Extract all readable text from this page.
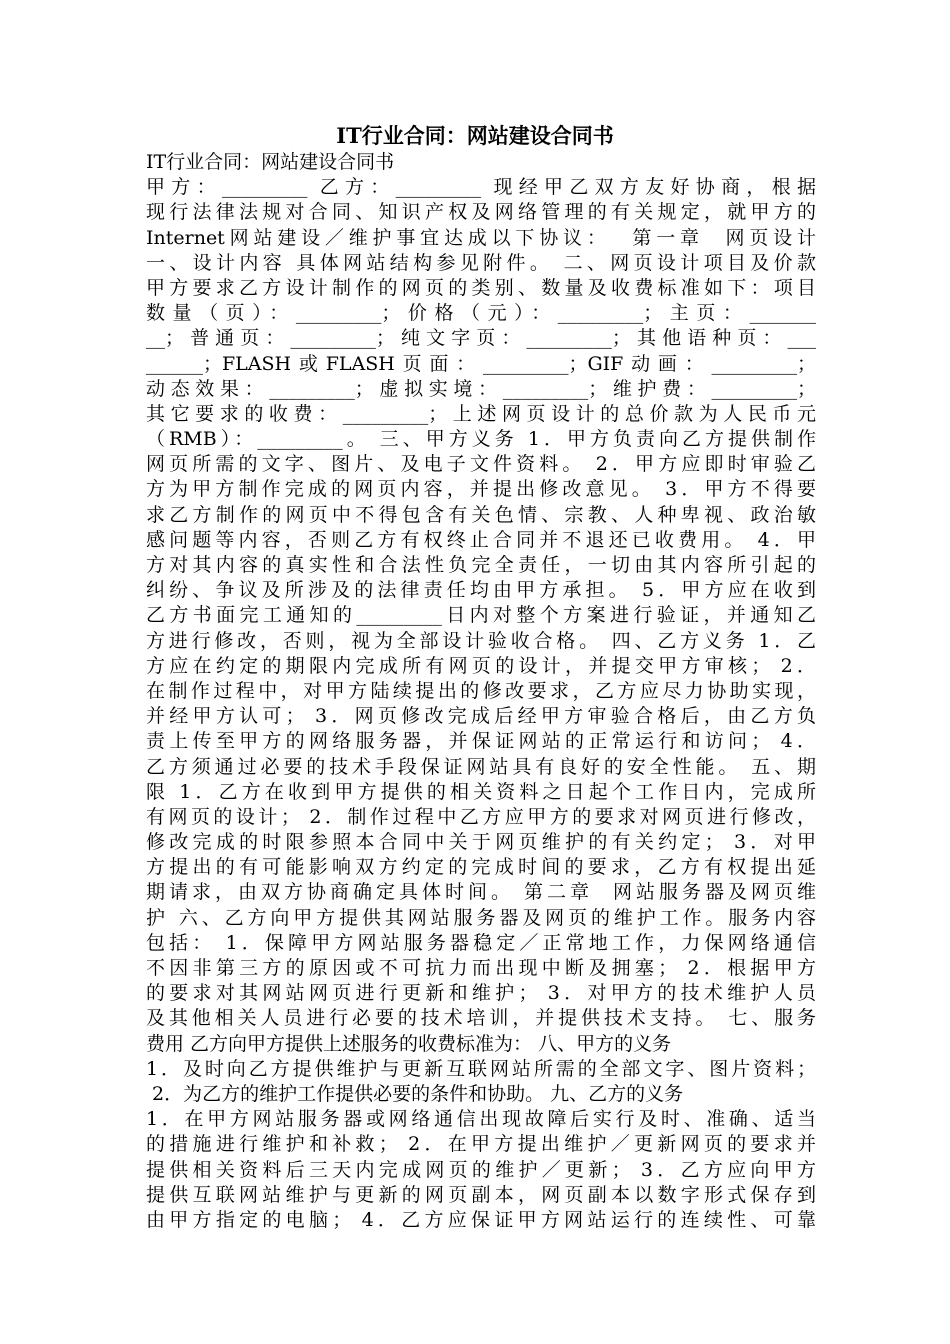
IT行业合同：网站建设合同书
IT行业合同：网站建设合同书
甲方：_________ 乙方：_________ 现经甲乙双方友好协商，根据
现行法律法规对合同、知识产权及网络管理的有关规定，就甲方的
Internet网站建设／维护事宜达成以下协议：  第一章  网页设计
一、设计内容 具体网站结构参见附件。 二、网页设计项目及价款
甲方要求乙方设计制作的网页的类别、数量及收费标准如下：项目
数量（页）：_________；价格（元）：_________；主页：_______
__；普通页：_________；纯文字页：_________；其他语种页：___
______；FLASH或FLASH页面：_________；GIF动画：_________；
动态效果：_________；虚拟实境：_________；维护费：_________；
其它要求的收费：_________；上述网页设计的总价款为人民币元
（RMB）：_________。 三、甲方义务 1．甲方负责向乙方提供制作
网页所需的文字、图片、及电子文件资料。 2．甲方应即时审验乙
方为甲方制作完成的网页内容，并提出修改意见。 3．甲方不得要
求乙方制作的网页中不得包含有关色情、宗教、人种卑视、政治敏
感问题等内容，否则乙方有权终止合同并不退还已收费用。 4．甲
方对其内容的真实性和合法性负完全责任，一切由其内容所引起的
纠纷、争议及所涉及的法律责任均由甲方承担。 5．甲方应在收到
乙方书面完工通知的_________日内对整个方案进行验证，并通知乙
方进行修改，否则，视为全部设计验收合格。 四、乙方义务 1．乙
方应在约定的期限内完成所有网页的设计，并提交甲方审核； 2．
在制作过程中，对甲方陆续提出的修改要求，乙方应尽力协助实现，
并经甲方认可； 3．网页修改完成后经甲方审验合格后，由乙方负
责上传至甲方的网络服务器，并保证网站的正常运行和访问； 4．
乙方须通过必要的技术手段保证网站具有良好的安全性能。 五、期
限 1．乙方在收到甲方提供的相关资料之日起个工作日内，完成所
有网页的设计； 2．制作过程中乙方应甲方的要求对网页进行修改，
修改完成的时限参照本合同中关于网页维护的有关约定； 3．对甲
方提出的有可能影响双方约定的完成时间的要求，乙方有权提出延
期请求，由双方协商确定具体时间。 第二章  网站服务器及网页维
护 六、乙方向甲方提供其网站服务器及网页的维护工作。服务内容
包括： 1．保障甲方网站服务器稳定／正常地工作，力保网络通信
不因非第三方的原因或不可抗力而出现中断及拥塞； 2．根据甲方
的要求对其网站网页进行更新和维护； 3．对甲方的技术维护人员
及其他相关人员进行必要的技术培训，并提供技术支持。 七、服务
费用 乙方向甲方提供上述服务的收费标准为： 八、甲方的义务
1．及时向乙方提供维护与更新互联网站所需的全部文字、图片资料；
2．为乙方的维护工作提供必要的条件和协助。 九、乙方的义务
1．在甲方网站服务器或网络通信出现故障后实行及时、准确、适当
的措施进行维护和补救； 2．在甲方提出维护／更新网页的要求并
提供相关资料后三天内完成网页的维护／更新； 3．乙方应向甲方
提供互联网站维护与更新的网页副本，网页副本以数字形式保存到
由甲方指定的电脑； 4．乙方应保证甲方网站运行的连续性、可靠
